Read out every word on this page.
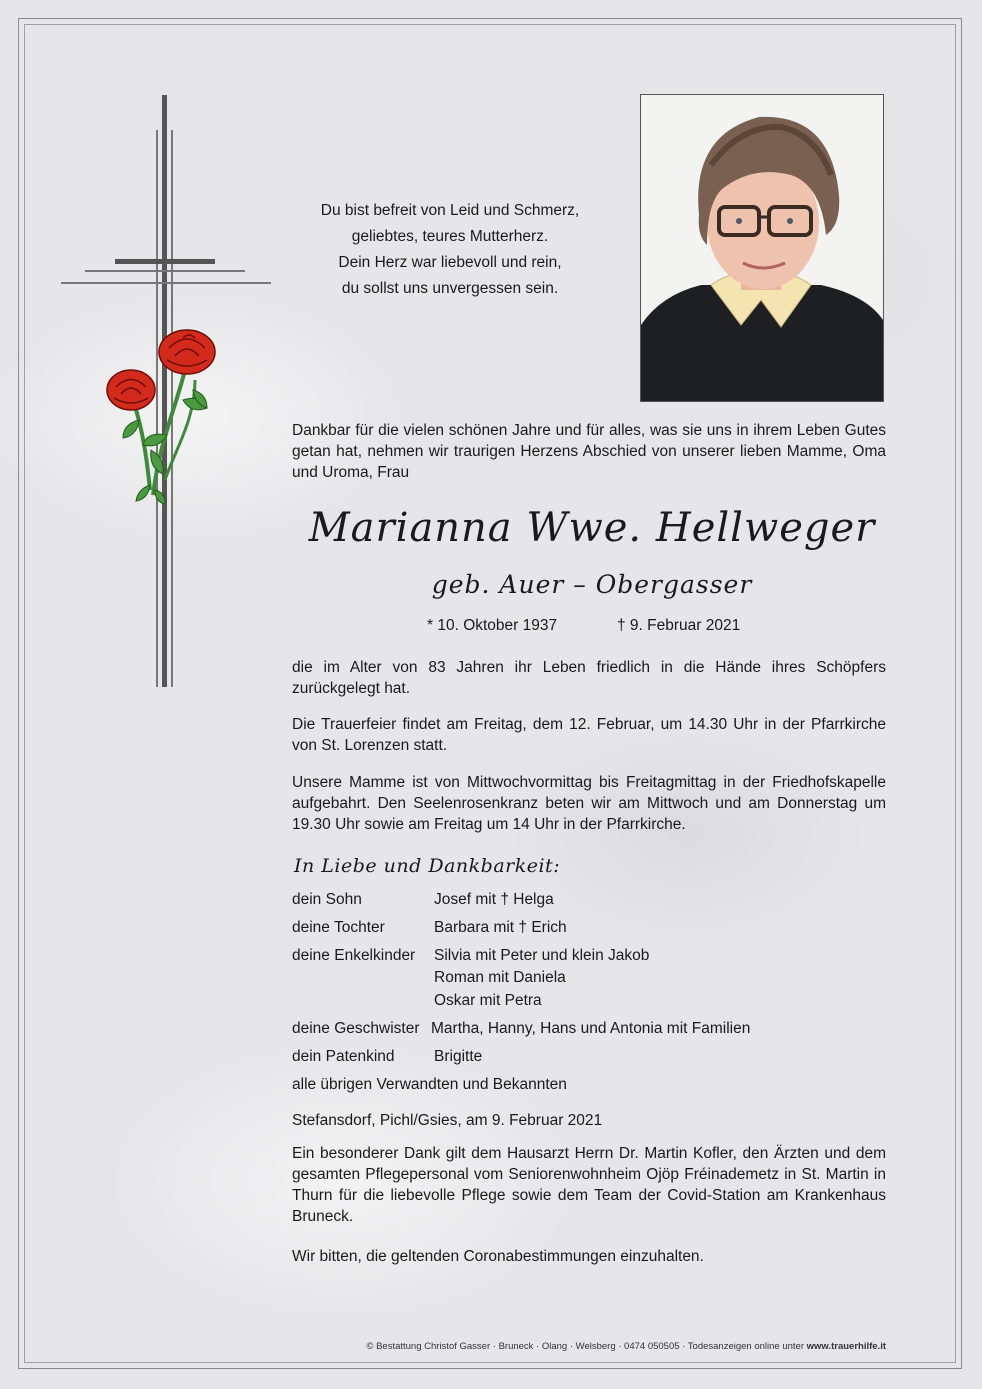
Du bist befreit von Leid und Schmerz,
geliebtes, teures Mutterherz.
Dein Herz war liebevoll und rein,
du sollst uns unvergessen sein.
Dankbar für die vielen schönen Jahre und für alles, was sie uns in ihrem Leben Gutes getan hat, nehmen wir traurigen Herzens Abschied von unserer lieben Mamme, Oma und Uroma, Frau
Marianna Wwe. Hellweger
geb. Auer – Obergasser
* 10. Oktober 1937	† 9. Februar 2021
die im Alter von 83 Jahren ihr Leben friedlich in die Hände ihres Schöpfers zurückgelegt hat.
Die Trauerfeier findet am Freitag, dem 12. Februar, um 14.30 Uhr in der Pfarrkirche von St. Lorenzen statt.
Unsere Mamme ist von Mittwochvormittag bis Freitagmittag in der Friedhofskapelle aufgebahrt. Den Seelenrosenkranz beten wir am Mittwoch und am Donnerstag um 19.30 Uhr sowie am Freitag um 14 Uhr in der Pfarrkirche.
In Liebe und Dankbarkeit:
dein Sohn	Josef mit † Helga
deine Tochter	Barbara mit † Erich
deine Enkelkinder Silvia mit Peter und klein Jakob
Roman mit Daniela
Oskar mit Petra
deine Geschwister Martha, Hanny, Hans und Antonia mit Familien
dein Patenkind	Brigitte
alle übrigen Verwandten und Bekannten
Stefansdorf, Pichl/Gsies, am 9. Februar 2021
Ein besonderer Dank gilt dem Hausarzt Herrn Dr. Martin Kofler, den Ärzten und dem gesamten Pflegepersonal vom Seniorenwohnheim Ojöp Fréinademetz in St. Martin in Thurn für die liebevolle Pflege sowie dem Team der Covid-Station am Krankenhaus Bruneck.
Wir bitten, die geltenden Coronabestimmungen einzuhalten.
© Bestattung Christof Gasser · Bruneck · Olang · Welsberg · 0474 050505 · Todesanzeigen online unter www.trauerhilfe.it
